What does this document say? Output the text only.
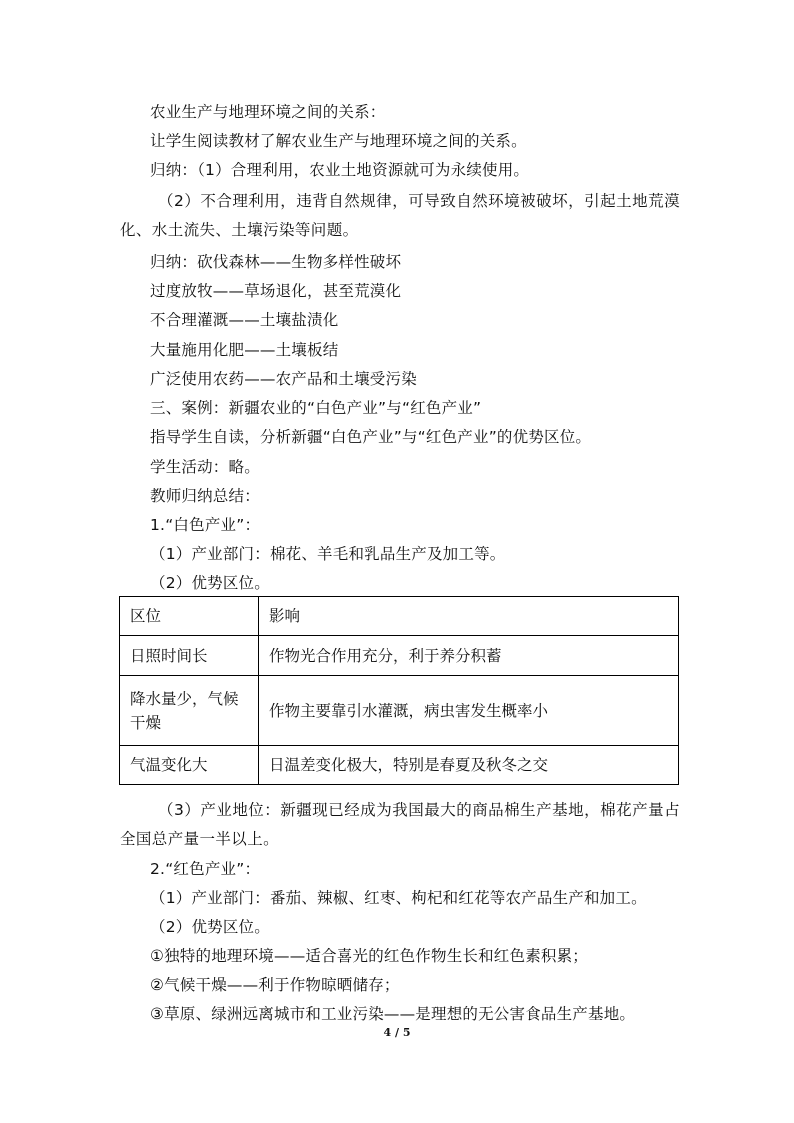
农业生产与地理环境之间的关系：
让学生阅读教材了解农业生产与地理环境之间的关系。
归纳：（1）合理利用，农业土地资源就可为永续使用。
（2）不合理利用，违背自然规律，可导致自然环境被破坏，引起土地荒漠化、水土流失、土壤污染等问题。
归纳：砍伐森林——生物多样性破坏
过度放牧——草场退化，甚至荒漠化
不合理灌溉——土壤盐渍化
大量施用化肥——土壤板结
广泛使用农药——农产品和土壤受污染
三、案例：新疆农业的“白色产业”与“红色产业”
指导学生自读，分析新疆“白色产业”与“红色产业”的优势区位。
学生活动：略。
教师归纳总结：
1.“白色产业”：
（1）产业部门：棉花、羊毛和乳品生产及加工等。
（2）优势区位。
区位	影响
日照时间长	作物光合作用充分，利于养分积蓄
降水量少，气候干燥	作物主要靠引水灌溉，病虫害发生概率小
气温变化大	日温差变化极大，特别是春夏及秋冬之交
（3）产业地位：新疆现已经成为我国最大的商品棉生产基地，棉花产量占全国总产量一半以上。
2.“红色产业”：
（1）产业部门：番茄、辣椒、红枣、枸杞和红花等农产品生产和加工。
（2）优势区位。
①独特的地理环境——适合喜光的红色作物生长和红色素积累；
②气候干燥——利于作物晾晒储存；
③草原、绿洲远离城市和工业污染——是理想的无公害食品生产基地。
4 / 5
